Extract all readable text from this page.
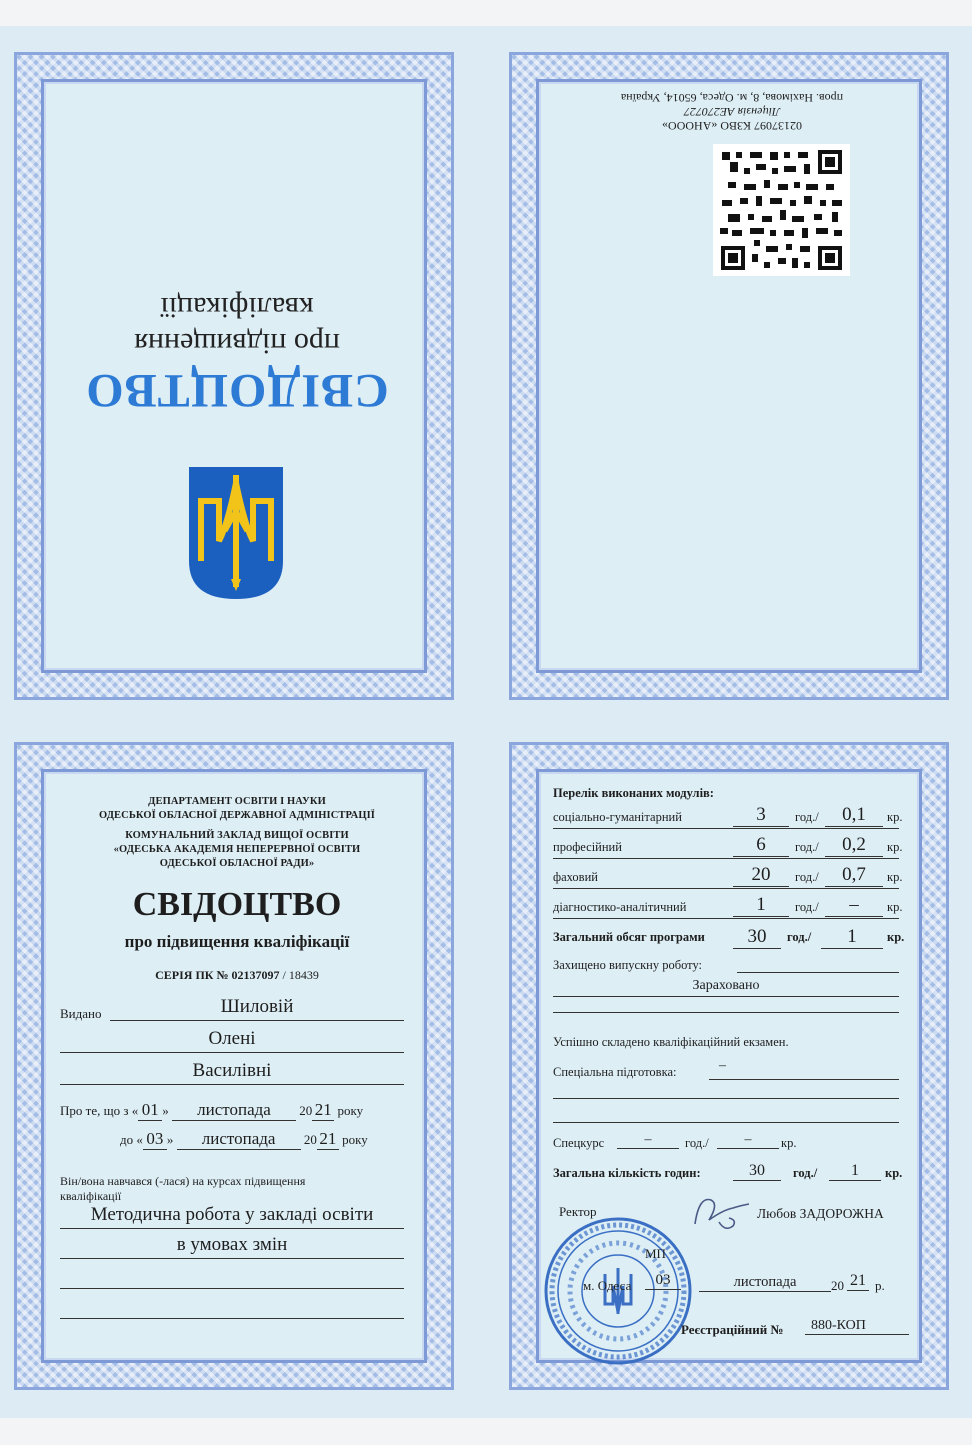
СВІДОЦТВО
про підвищення
кваліфікації
02137097 КЗВО «АНООО»
Ліцензія АЕ270727
пров. Нахімова, 8, м. Одеса, 65014, Україна
ДЕПАРТАМЕНТ ОСВІТИ І НАУКИ
ОДЕСЬКОЇ ОБЛАСНОЇ ДЕРЖАВНОЇ АДМІНІСТРАЦІЇ
КОМУНАЛЬНИЙ ЗАКЛАД ВИЩОЇ ОСВІТИ
«ОДЕСЬКА АКАДЕМІЯ НЕПЕРЕРВНОЇ ОСВІТИ
ОДЕСЬКОЇ ОБЛАСНОЇ РАДИ»
СВІДОЦТВО
про підвищення кваліфікації
СЕРІЯ ПК № 02137097 / 18439
Видано	Шиловій
Олені
Василівні
Про те, що з « 01 » листопада 20 21 року
до « 03 » листопада 20 21 року
Він/вона навчався (-лася) на курсах підвищення
кваліфікації
Методична робота у закладі освіти
в умовах змін
Перелік виконаних модулів:
соціально-гуманітарний	3	год./	0,1	кр.
професійний	6	год./	0,2	кр.
фаховий	20	год./	0,7	кр.
діагностико-аналітичний	1	год./	–	кр.
Загальний обсяг програми	30	год./	1	кр.
Захищено випускну роботу:
Зараховано
Успішно складено кваліфікаційний екзамен.
Спеціальна підготовка:	–
Спецкурс	–	год./	–	кр.
Загальна кількість годин:	30	год./	1	кр.
Ректор	Любов ЗАДОРОЖНА
МП
м. Одеса	03	листопада	20 21 р.
Реєстраційний №	880-КОП
